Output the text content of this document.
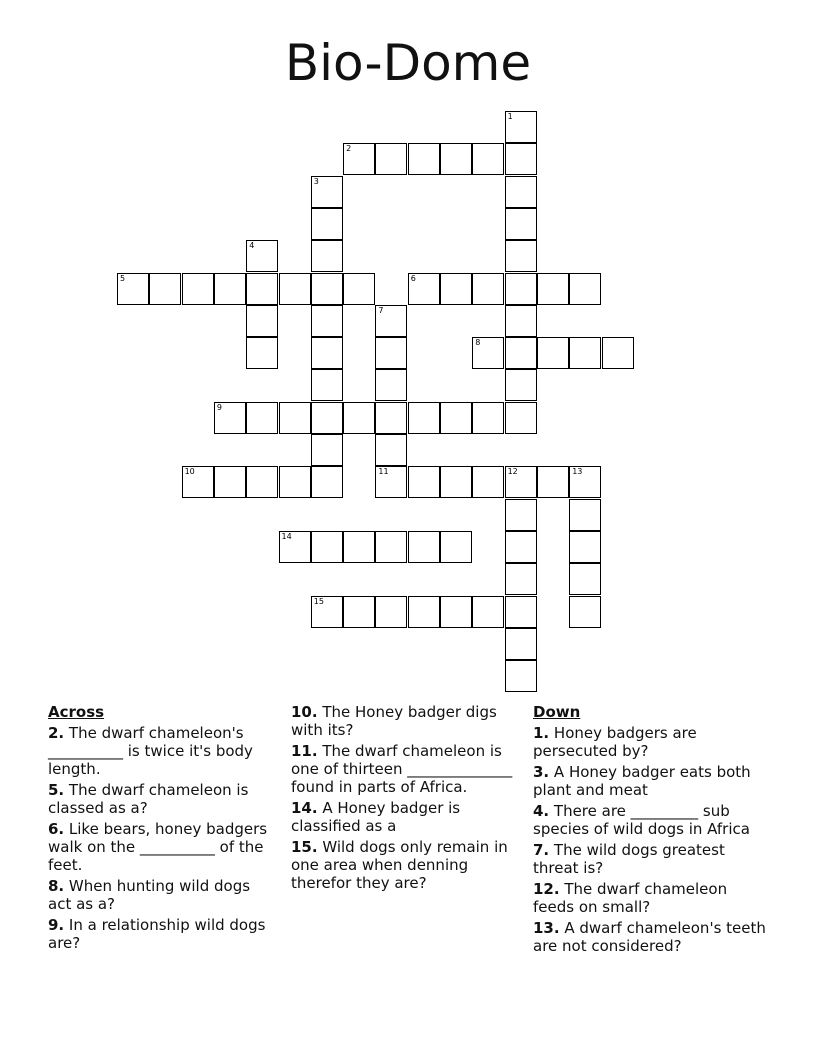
Bio-Dome
1
2
3
4
5	6
7
11
8
9
10	12	13
14
15
Across
2. The dwarf chameleon's __________ is twice it's body length.
5. The dwarf chameleon is classed as a?
6. Like bears, honey badgers walk on the __________ of the feet.
8. When hunting wild dogs act as a?
9. In a relationship wild dogs are?
10. The Honey badger digs with its?
11. The dwarf chameleon is one of thirteen ______________ found in parts of Africa.
14. A Honey badger is classified as a
15. Wild dogs only remain in one area when denning therefor they are?
Down
1. Honey badgers are persecuted by?
3. A Honey badger eats both plant and meat
4. There are _________ sub species of wild dogs in Africa
7. The wild dogs greatest threat is?
12. The dwarf chameleon feeds on small?
13. A dwarf chameleon's teeth are not considered?
